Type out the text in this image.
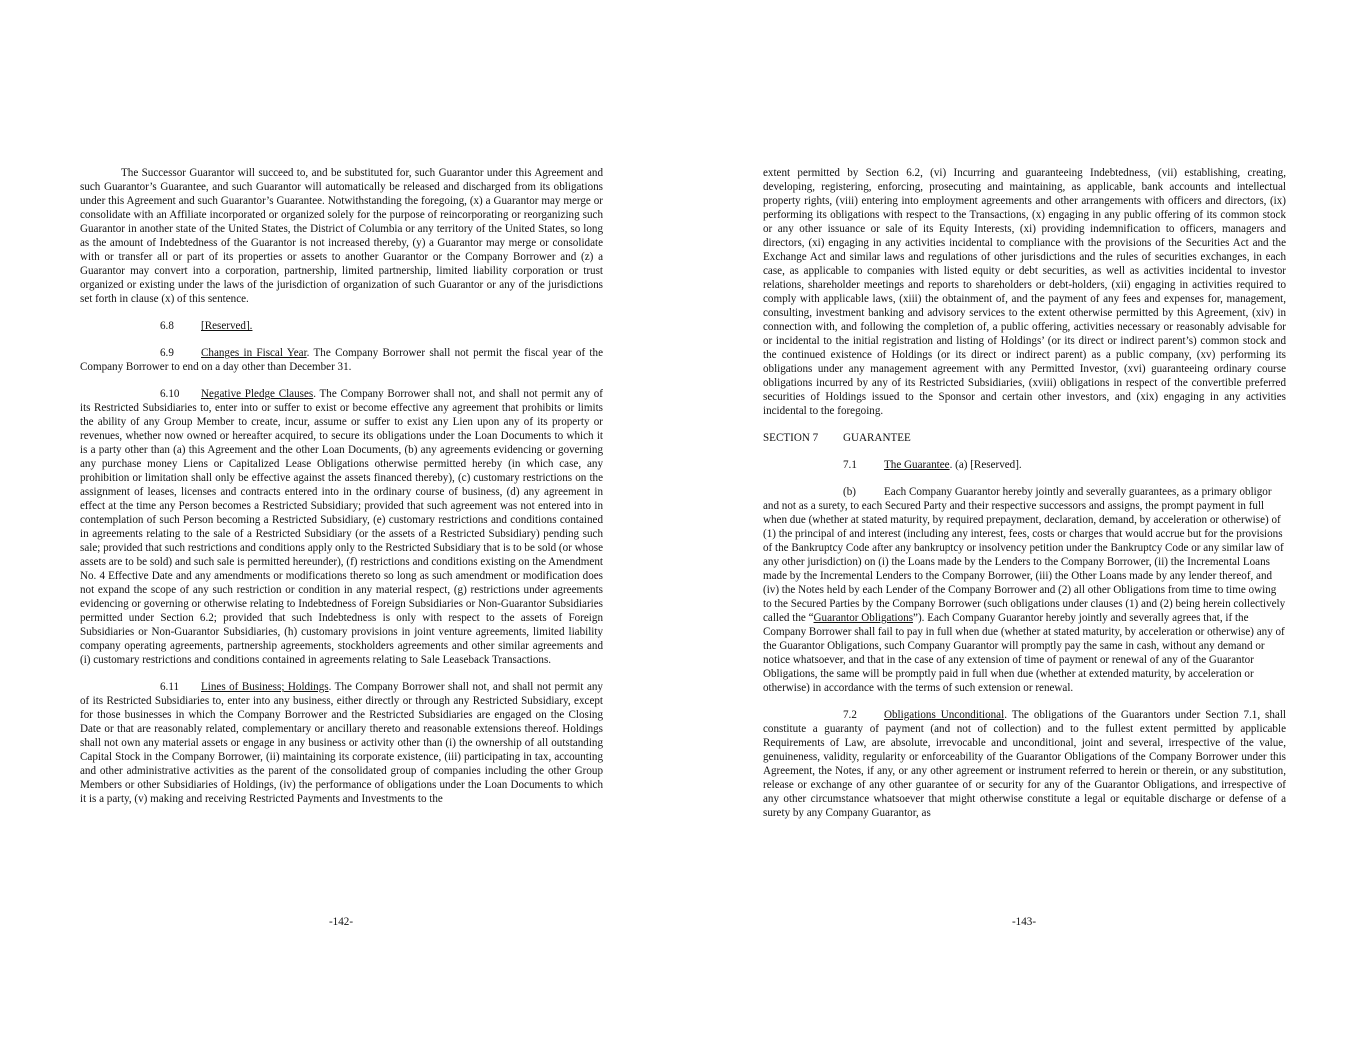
The Successor Guarantor will succeed to, and be substituted for, such Guarantor under this Agreement and such Guarantor’s Guarantee, and such Guarantor will automatically be released and discharged from its obligations under this Agreement and such Guarantor’s Guarantee. Notwithstanding the foregoing, (x) a Guarantor may merge or consolidate with an Affiliate incorporated or organized solely for the purpose of reincorporating or reorganizing such Guarantor in another state of the United States, the District of Columbia or any territory of the United States, so long as the amount of Indebtedness of the Guarantor is not increased thereby, (y) a Guarantor may merge or consolidate with or transfer all or part of its properties or assets to another Guarantor or the Company Borrower and (z) a Guarantor may convert into a corporation, partnership, limited partnership, limited liability corporation or trust organized or existing under the laws of the jurisdiction of organization of such Guarantor or any of the jurisdictions set forth in clause (x) of this sentence.

6.8 [Reserved].

6.9 Changes in Fiscal Year. The Company Borrower shall not permit the fiscal year of the Company Borrower to end on a day other than December 31.

6.10 Negative Pledge Clauses. The Company Borrower shall not, and shall not permit any of its Restricted Subsidiaries to, enter into or suffer to exist or become effective any agreement that prohibits or limits the ability of any Group Member to create, incur, assume or suffer to exist any Lien upon any of its property or revenues, whether now owned or hereafter acquired, to secure its obligations under the Loan Documents to which it is a party other than (a) this Agreement and the other Loan Documents, (b) any agreements evidencing or governing any purchase money Liens or Capitalized Lease Obligations otherwise permitted hereby (in which case, any prohibition or limitation shall only be effective against the assets financed thereby), (c) customary restrictions on the assignment of leases, licenses and contracts entered into in the ordinary course of business, (d) any agreement in effect at the time any Person becomes a Restricted Subsidiary; provided that such agreement was not entered into in contemplation of such Person becoming a Restricted Subsidiary, (e) customary restrictions and conditions contained in agreements relating to the sale of a Restricted Subsidiary (or the assets of a Restricted Subsidiary) pending such sale; provided that such restrictions and conditions apply only to the Restricted Subsidiary that is to be sold (or whose assets are to be sold) and such sale is permitted hereunder), (f) restrictions and conditions existing on the Amendment No. 4 Effective Date and any amendments or modifications thereto so long as such amendment or modification does not expand the scope of any such restriction or condition in any material respect, (g) restrictions under agreements evidencing or governing or otherwise relating to Indebtedness of Foreign Subsidiaries or Non-Guarantor Subsidiaries permitted under Section 6.2; provided that such Indebtedness is only with respect to the assets of Foreign Subsidiaries or Non-Guarantor Subsidiaries, (h) customary provisions in joint venture agreements, limited liability company operating agreements, partnership agreements, stockholders agreements and other similar agreements and (i) customary restrictions and conditions contained in agreements relating to Sale Leaseback Transactions.

6.11 Lines of Business; Holdings. The Company Borrower shall not, and shall not permit any of its Restricted Subsidiaries to, enter into any business, either directly or through any Restricted Subsidiary, except for those businesses in which the Company Borrower and the Restricted Subsidiaries are engaged on the Closing Date or that are reasonably related, complementary or ancillary thereto and reasonable extensions thereof. Holdings shall not own any material assets or engage in any business or activity other than (i) the ownership of all outstanding Capital Stock in the Company Borrower, (ii) maintaining its corporate existence, (iii) participating in tax, accounting and other administrative activities as the parent of the consolidated group of companies including the other Group Members or other Subsidiaries of Holdings, (iv) the performance of obligations under the Loan Documents to which it is a party, (v) making and receiving Restricted Payments and Investments to the

-142-

extent permitted by Section 6.2, (vi) Incurring and guaranteeing Indebtedness, (vii) establishing, creating, developing, registering, enforcing, prosecuting and maintaining, as applicable, bank accounts and intellectual property rights, (viii) entering into employment agreements and other arrangements with officers and directors, (ix) performing its obligations with respect to the Transactions, (x) engaging in any public offering of its common stock or any other issuance or sale of its Equity Interests, (xi) providing indemnification to officers, managers and directors, (xi) engaging in any activities incidental to compliance with the provisions of the Securities Act and the Exchange Act and similar laws and regulations of other jurisdictions and the rules of securities exchanges, in each case, as applicable to companies with listed equity or debt securities, as well as activities incidental to investor relations, shareholder meetings and reports to shareholders or debt-holders, (xii) engaging in activities required to comply with applicable laws, (xiii) the obtainment of, and the payment of any fees and expenses for, management, consulting, investment banking and advisory services to the extent otherwise permitted by this Agreement, (xiv) in connection with, and following the completion of, a public offering, activities necessary or reasonably advisable for or incidental to the initial registration and listing of Holdings’ (or its direct or indirect parent’s) common stock and the continued existence of Holdings (or its direct or indirect parent) as a public company, (xv) performing its obligations under any management agreement with any Permitted Investor, (xvi) guaranteeing ordinary course obligations incurred by any of its Restricted Subsidiaries, (xviii) obligations in respect of the convertible preferred securities of Holdings issued to the Sponsor and certain other investors, and (xix) engaging in any activities incidental to the foregoing.

SECTION 7 GUARANTEE

7.1 The Guarantee. (a) [Reserved].

(b)	Each Company Guarantor hereby jointly and severally guarantees, as a primary obligor and not as a surety, to each Secured Party and their respective successors and assigns, the prompt payment in full when due (whether at stated maturity, by required prepayment, declaration, demand, by acceleration or otherwise) of (1) the principal of and interest (including any interest, fees, costs or charges that would accrue but for the provisions of the Bankruptcy Code after any bankruptcy or insolvency petition under the Bankruptcy Code or any similar law of any other jurisdiction) on (i) the Loans made by the Lenders to the Company Borrower, (ii) the Incremental Loans made by the Incremental Lenders to the Company Borrower, (iii) the Other Loans made by any lender thereof, and (iv) the Notes held by each Lender of the Company Borrower and (2) all other Obligations from time to time owing to the Secured Parties by the Company Borrower (such obligations under clauses (1) and (2) being herein collectively called the “Guarantor Obligations”). Each Company Guarantor hereby jointly and severally agrees that, if the Company Borrower shall fail to pay in full when due (whether at stated maturity, by acceleration or otherwise) any of the Guarantor Obligations, such Company Guarantor will promptly pay the same in cash, without any demand or notice whatsoever, and that in the case of any extension of time of payment or renewal of any of the Guarantor Obligations, the same will be promptly paid in full when due (whether at extended maturity, by acceleration or otherwise) in accordance with the terms of such extension or renewal.

7.2 Obligations Unconditional. The obligations of the Guarantors under Section 7.1, shall constitute a guaranty of payment (and not of collection) and to the fullest extent permitted by applicable Requirements of Law, are absolute, irrevocable and unconditional, joint and several, irrespective of the value, genuineness, validity, regularity or enforceability of the Guarantor Obligations of the Company Borrower under this Agreement, the Notes, if any, or any other agreement or instrument referred to herein or therein, or any substitution, release or exchange of any other guarantee of or security for any of the Guarantor Obligations, and irrespective of any other circumstance whatsoever that might otherwise constitute a legal or equitable discharge or defense of a surety by any Company Guarantor, as

-143-
